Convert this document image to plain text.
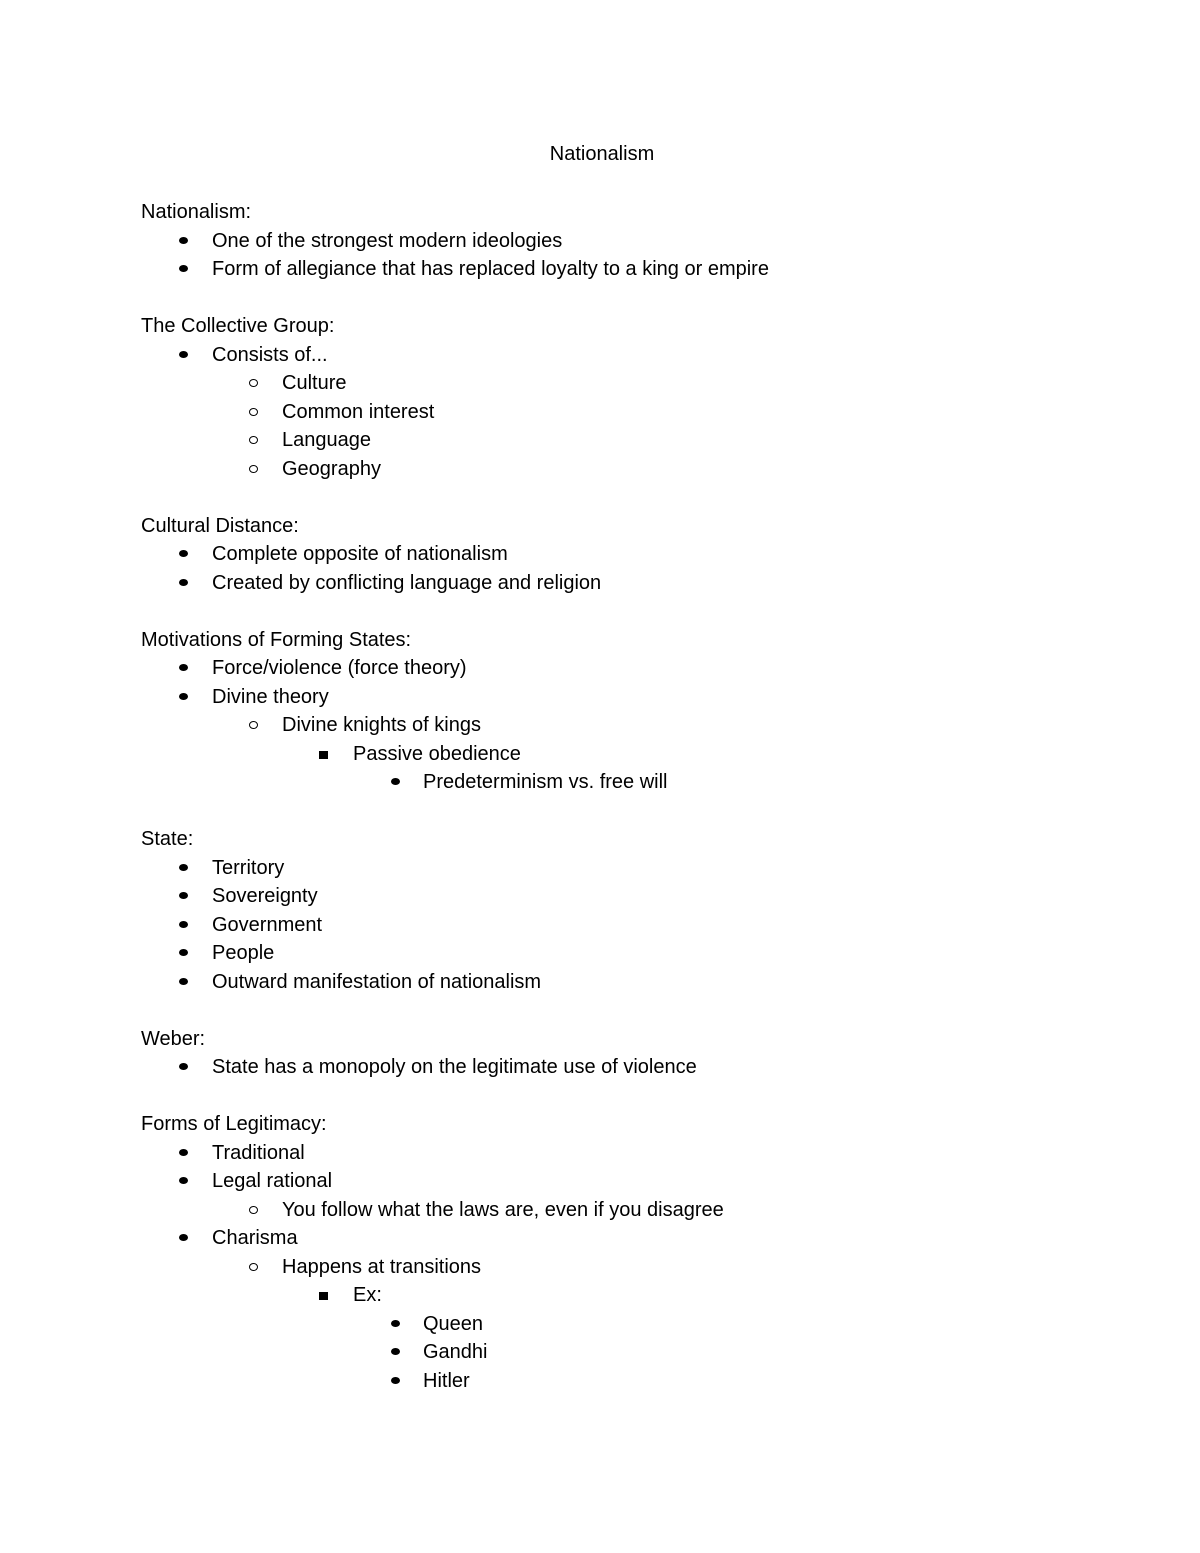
Nationalism
Nationalism:
One of the strongest modern ideologies
Form of allegiance that has replaced loyalty to a king or empire
The Collective Group:
Consists of...
Culture
Common interest
Language
Geography
Cultural Distance:
Complete opposite of nationalism
Created by conflicting language and religion
Motivations of Forming States:
Force/violence (force theory)
Divine theory
Divine knights of kings
Passive obedience
Predeterminism vs. free will
State:
Territory
Sovereignty
Government
People
Outward manifestation of nationalism
Weber:
State has a monopoly on the legitimate use of violence
Forms of Legitimacy:
Traditional
Legal rational
You follow what the laws are, even if you disagree
Charisma
Happens at transitions
Ex:
Queen
Gandhi
Hitler
